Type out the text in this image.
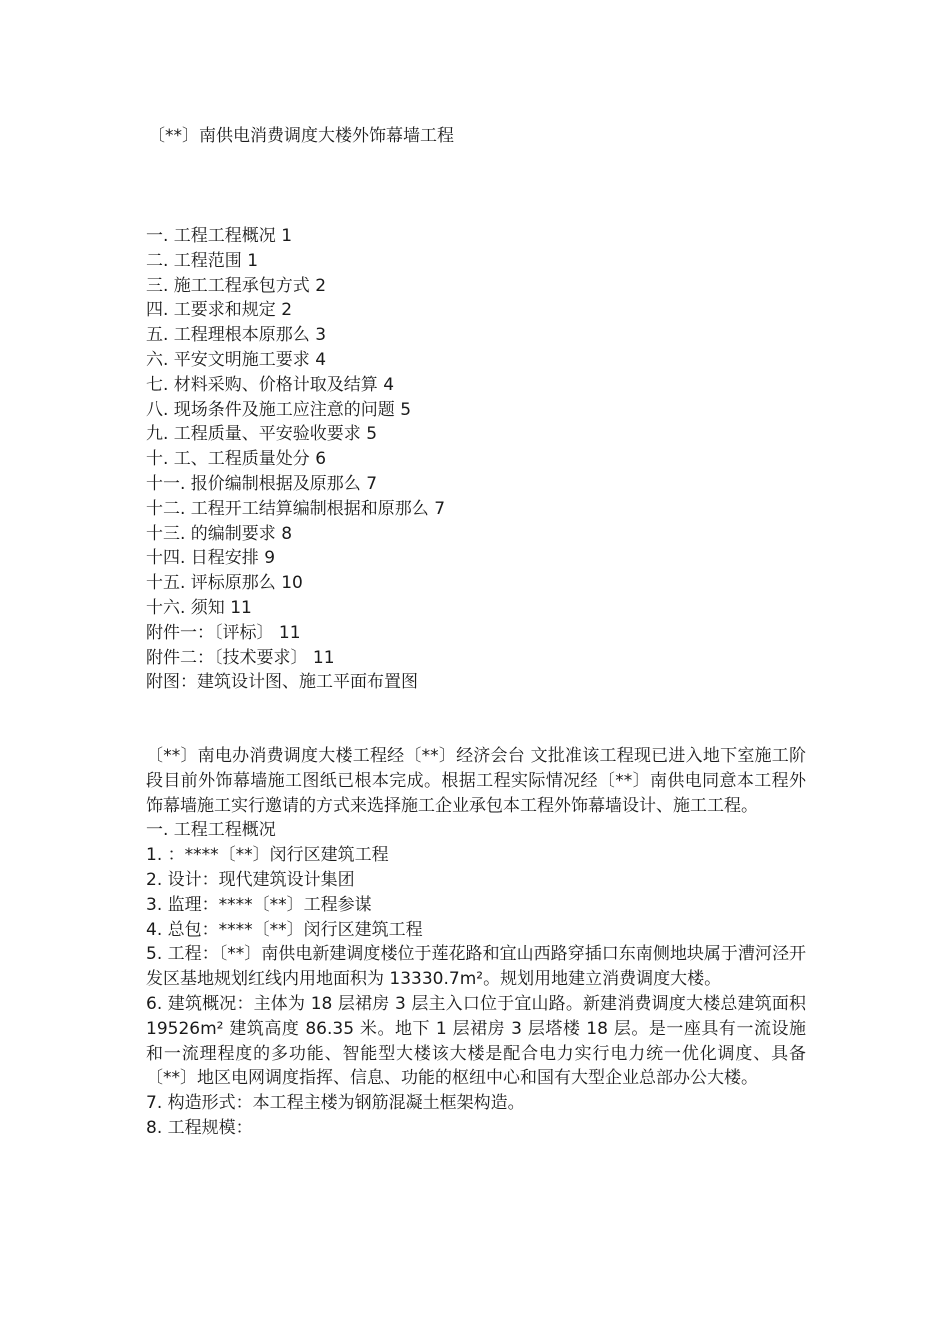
〔**〕南供电消费调度大楼外饰幕墙工程
一. 工程工程概况 1
二. 工程范围 1
三. 施工工程承包方式 2
四. 工要求和规定 2
五. 工程理根本原那么 3
六. 平安文明施工要求 4
七. 材料采购、价格计取及结算 4
八. 现场条件及施工应注意的问题 5
九. 工程质量、平安验收要求 5
十. 工、工程质量处分 6
十一. 报价编制根据及原那么 7
十二. 工程开工结算编制根据和原那么 7
十三. 的编制要求 8
十四. 日程安排 9
十五. 评标原那么 10
十六. 须知 11
附件一：〔评标〕 11
附件二：〔技术要求〕 11
附图：建筑设计图、施工平面布置图

〔**〕南电办消费调度大楼工程经〔**〕经济会台 文批准该工程现已进入地下室施工阶段目前外饰幕墙施工图纸已根本完成。根据工程实际情况经〔**〕南供电同意本工程外饰幕墙施工实行邀请的方式来选择施工企业承包本工程外饰幕墙设计、施工工程。

一. 工程工程概况

1. ：****〔**〕闵行区建筑工程

2. 设计：现代建筑设计集团

3. 监理：****〔**〕工程参谋

4. 总包：****〔**〕闵行区建筑工程

5. 工程：〔**〕南供电新建调度楼位于莲花路和宜山西路穿插口东南侧地块属于漕河泾开发区基地规划红线内用地面积为 13330.7m²。规划用地建立消费调度大楼。

6. 建筑概况：主体为 18 层裙房 3 层主入口位于宜山路。新建消费调度大楼总建筑面积 19526m² 建筑高度 86.35 米。地下 1 层裙房 3 层塔楼 18 层。是一座具有一流设施和一流理程度的多功能、智能型大楼该大楼是配合电力实行电力统一优化调度、具备〔**〕地区电网调度指挥、信息、功能的枢纽中心和国有大型企业总部办公大楼。

7. 构造形式：本工程主楼为钢筋混凝土框架构造。

8. 工程规模：
